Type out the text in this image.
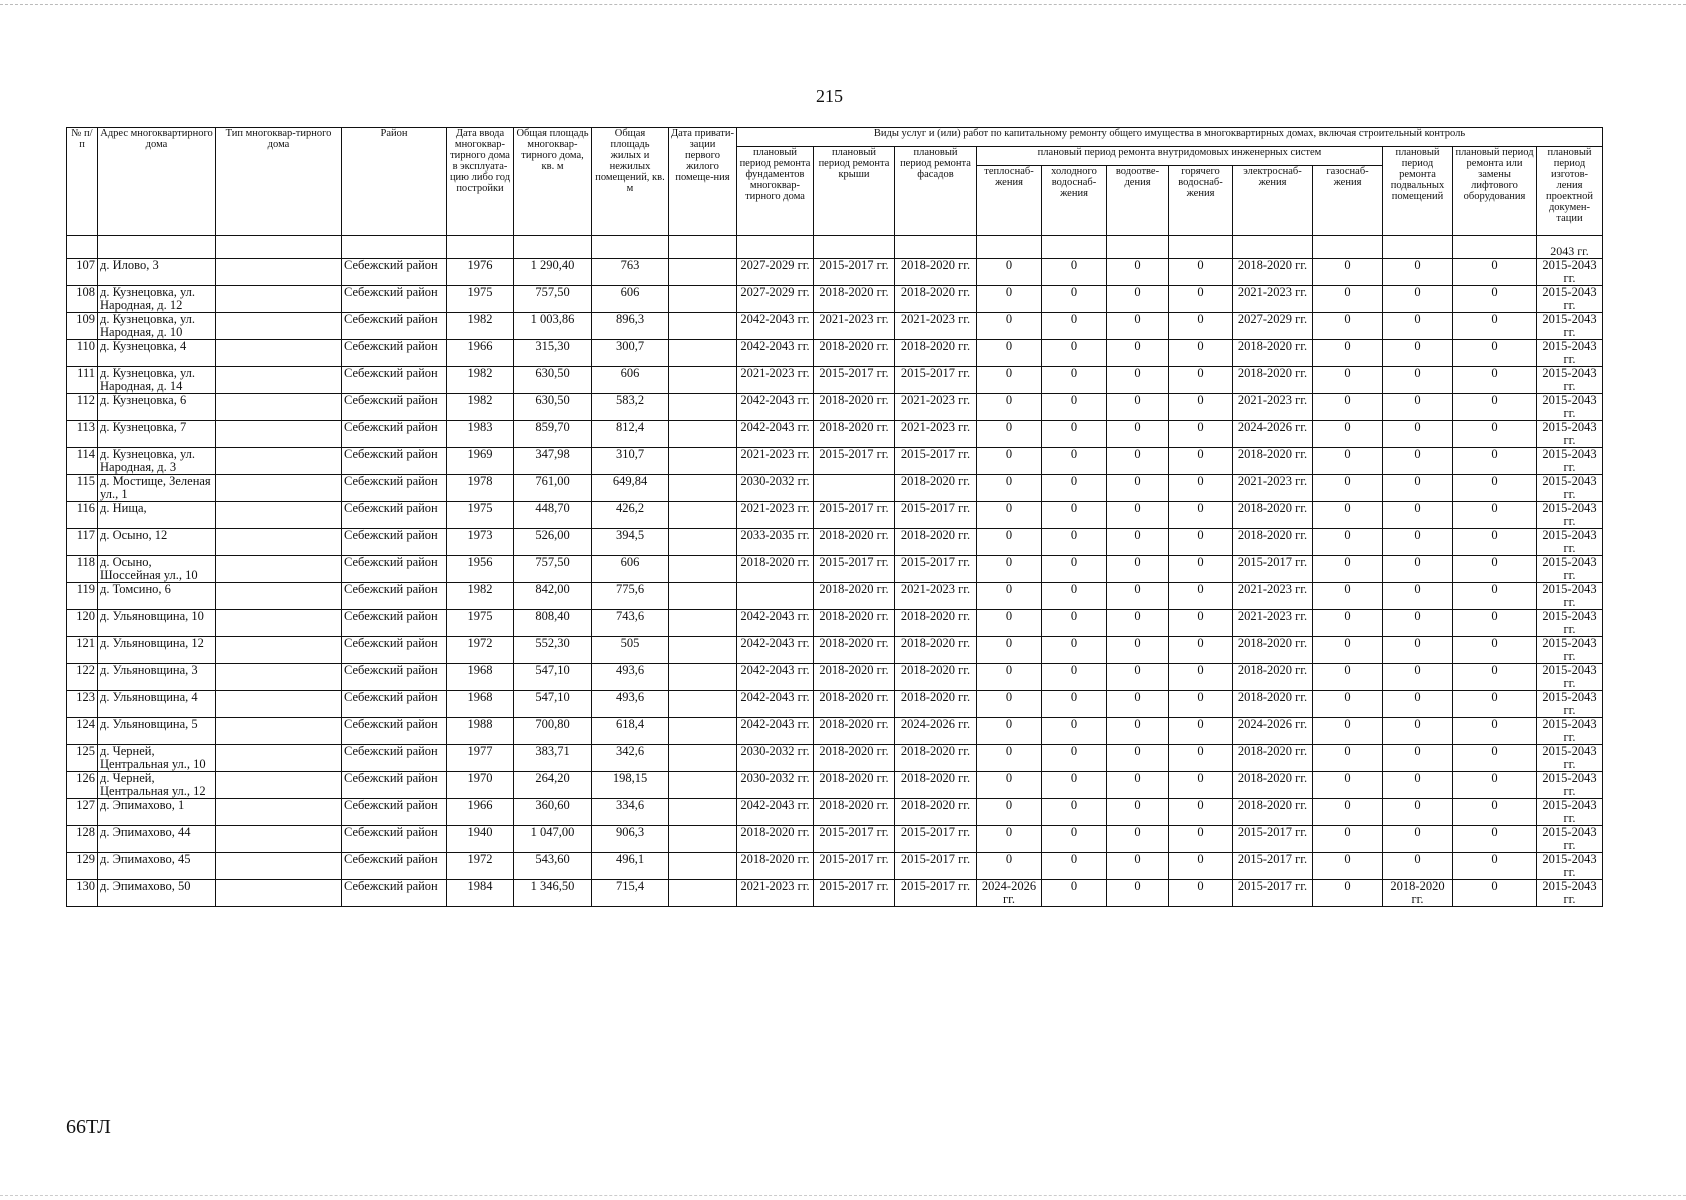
215
№ п/п	Адрес многоквартирного дома	Тип многоквар-тирного дома	Район	Дата ввода многоквар-тирного дома в эксплуата-цию либо год постройки	Общая площадь многоквар-тирного дома, кв. м	Общая площадь жилых и нежилых помещений, кв. м	Дата привати-зации первого жилого помеще-ния	Виды услуг и (или) работ по капитальному ремонту общего имущества в многоквартирных домах, включая строительный контроль											
								плановый период ремонта фундаментов многоквар-тирного дома	плановый период ремонта крыши	плановый период ремонта фасадов	плановый период ремонта внутридомовых инженерных систем						плановый период ремонта подвальных помещений	плановый период ремонта или замены лифтового оборудования	плановый период изготов-ления проектной докумен-тации
											теплоснаб-жения	холодного водоснаб-жения	водоотве-дения	горячего водоснаб-жения	электроснаб-жения	газоснаб-жения			
																			2043 гг.
107	д. Илово, 3		Себежский район	1976	1 290,40	763		2027-2029 гг.	2015-2017 гг.	2018-2020 гг.	0	0	0	0	2018-2020 гг.	0	0	0	2015-2043 гг.
108	д. Кузнецовка, ул. Народная, д. 12		Себежский район	1975	757,50	606		2027-2029 гг.	2018-2020 гг.	2018-2020 гг.	0	0	0	0	2021-2023 гг.	0	0	0	2015-2043 гг.
109	д. Кузнецовка, ул. Народная, д. 10		Себежский район	1982	1 003,86	896,3		2042-2043 гг.	2021-2023 гг.	2021-2023 гг.	0	0	0	0	2027-2029 гг.	0	0	0	2015-2043 гг.
110	д. Кузнецовка, 4		Себежский район	1966	315,30	300,7		2042-2043 гг.	2018-2020 гг.	2018-2020 гг.	0	0	0	0	2018-2020 гг.	0	0	0	2015-2043 гг.
111	д. Кузнецовка, ул. Народная, д. 14		Себежский район	1982	630,50	606		2021-2023 гг.	2015-2017 гг.	2015-2017 гг.	0	0	0	0	2018-2020 гг.	0	0	0	2015-2043 гг.
112	д. Кузнецовка, 6		Себежский район	1982	630,50	583,2		2042-2043 гг.	2018-2020 гг.	2021-2023 гг.	0	0	0	0	2021-2023 гг.	0	0	0	2015-2043 гг.
113	д. Кузнецовка, 7		Себежский район	1983	859,70	812,4		2042-2043 гг.	2018-2020 гг.	2021-2023 гг.	0	0	0	0	2024-2026 гг.	0	0	0	2015-2043 гг.
114	д. Кузнецовка, ул. Народная, д. 3		Себежский район	1969	347,98	310,7		2021-2023 гг.	2015-2017 гг.	2015-2017 гг.	0	0	0	0	2018-2020 гг.	0	0	0	2015-2043 гг.
115	д. Мостище, Зеленая ул., 1		Себежский район	1978	761,00	649,84		2030-2032 гг.		2018-2020 гг.	0	0	0	0	2021-2023 гг.	0	0	0	2015-2043 гг.
116	д. Нища,		Себежский район	1975	448,70	426,2		2021-2023 гг.	2015-2017 гг.	2015-2017 гг.	0	0	0	0	2018-2020 гг.	0	0	0	2015-2043 гг.
117	д. Осыно, 12		Себежский район	1973	526,00	394,5		2033-2035 гг.	2018-2020 гг.	2018-2020 гг.	0	0	0	0	2018-2020 гг.	0	0	0	2015-2043 гг.
118	д. Осыно, Шоссейная ул., 10		Себежский район	1956	757,50	606		2018-2020 гг.	2015-2017 гг.	2015-2017 гг.	0	0	0	0	2015-2017 гг.	0	0	0	2015-2043 гг.
119	д. Томсино, 6		Себежский район	1982	842,00	775,6			2018-2020 гг.	2021-2023 гг.	0	0	0	0	2021-2023 гг.	0	0	0	2015-2043 гг.
120	д. Ульяновщина, 10		Себежский район	1975	808,40	743,6		2042-2043 гг.	2018-2020 гг.	2018-2020 гг.	0	0	0	0	2021-2023 гг.	0	0	0	2015-2043 гг.
121	д. Ульяновщина, 12		Себежский район	1972	552,30	505		2042-2043 гг.	2018-2020 гг.	2018-2020 гг.	0	0	0	0	2018-2020 гг.	0	0	0	2015-2043 гг.
122	д. Ульяновщина, 3		Себежский район	1968	547,10	493,6		2042-2043 гг.	2018-2020 гг.	2018-2020 гг.	0	0	0	0	2018-2020 гг.	0	0	0	2015-2043 гг.
123	д. Ульяновщина, 4		Себежский район	1968	547,10	493,6		2042-2043 гг.	2018-2020 гг.	2018-2020 гг.	0	0	0	0	2018-2020 гг.	0	0	0	2015-2043 гг.
124	д. Ульяновщина, 5		Себежский район	1988	700,80	618,4		2042-2043 гг.	2018-2020 гг.	2024-2026 гг.	0	0	0	0	2024-2026 гг.	0	0	0	2015-2043 гг.
125	д. Черней, Центральная ул., 10		Себежский район	1977	383,71	342,6		2030-2032 гг.	2018-2020 гг.	2018-2020 гг.	0	0	0	0	2018-2020 гг.	0	0	0	2015-2043 гг.
126	д. Черней, Центральная ул., 12		Себежский район	1970	264,20	198,15		2030-2032 гг.	2018-2020 гг.	2018-2020 гг.	0	0	0	0	2018-2020 гг.	0	0	0	2015-2043 гг.
127	д. Эпимахово, 1		Себежский район	1966	360,60	334,6		2042-2043 гг.	2018-2020 гг.	2018-2020 гг.	0	0	0	0	2018-2020 гг.	0	0	0	2015-2043 гг.
128	д. Эпимахово, 44		Себежский район	1940	1 047,00	906,3		2018-2020 гг.	2015-2017 гг.	2015-2017 гг.	0	0	0	0	2015-2017 гг.	0	0	0	2015-2043 гг.
129	д. Эпимахово, 45		Себежский район	1972	543,60	496,1		2018-2020 гг.	2015-2017 гг.	2015-2017 гг.	0	0	0	0	2015-2017 гг.	0	0	0	2015-2043 гг.
130	д. Эпимахово, 50		Себежский район	1984	1 346,50	715,4		2021-2023 гг.	2015-2017 гг.	2015-2017 гг.	2024-2026 гг.	0	0	0	2015-2017 гг.	0	2018-2020 гг.	0	2015-2043 гг.
66ТЛ
